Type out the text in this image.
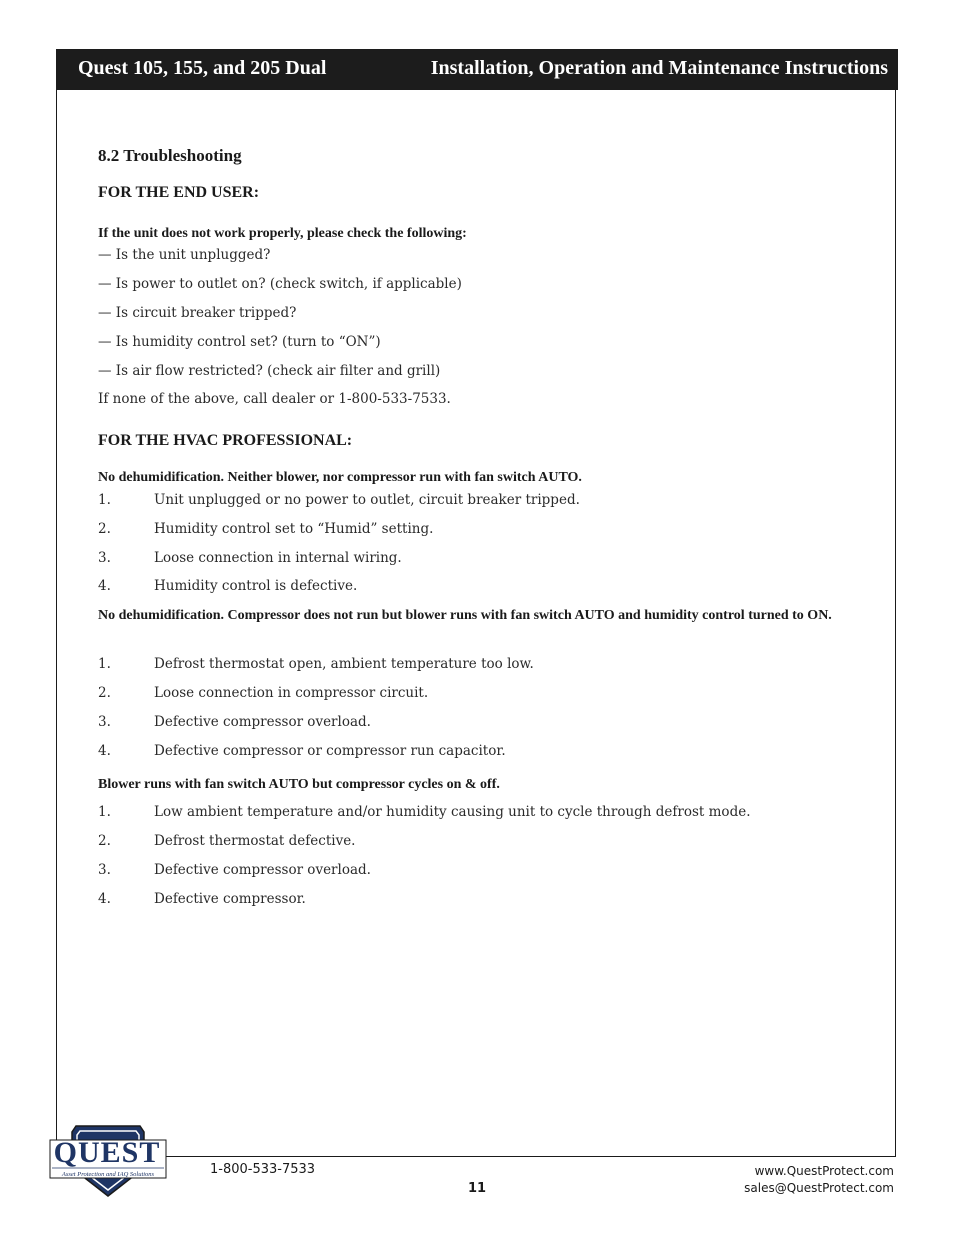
Quest 105, 155, and 205 Dual	Installation, Operation and Maintenance Instructions
8.2 Troubleshooting
FOR THE END USER:
If the unit does not work properly, please check the following:
— Is the unit unplugged?
— Is power to outlet on? (check switch, if applicable)
— Is circuit breaker tripped?
— Is humidity control set? (turn to “ON”)
— Is air flow restricted? (check air filter and grill)
If none of the above, call dealer or 1-800-533-7533.
FOR THE HVAC PROFESSIONAL:
No dehumidification. Neither blower, nor compressor run with fan switch AUTO.
1.	Unit unplugged or no power to outlet, circuit breaker tripped.
2.	Humidity control set to “Humid” setting.
3.	Loose connection in internal wiring.
4.	Humidity control is defective.
No dehumidification. Compressor does not run but blower runs with fan switch AUTO and humidity control turned to ON.
1.	Defrost thermostat open, ambient temperature too low.
2.	Loose connection in compressor circuit.
3.	Defective compressor overload.
4.	Defective compressor or compressor run capacitor.
Blower runs with fan switch AUTO but compressor cycles on & off.
1.	Low ambient temperature and/or humidity causing unit to cycle through defrost mode.
2.	Defrost thermostat defective.
3.	Defective compressor overload.
4.	Defective compressor.
Asset Protection and IAQ Solutions
QUEST
1-800-533-7533
11
www.QuestProtect.com
sales@QuestProtect.com
